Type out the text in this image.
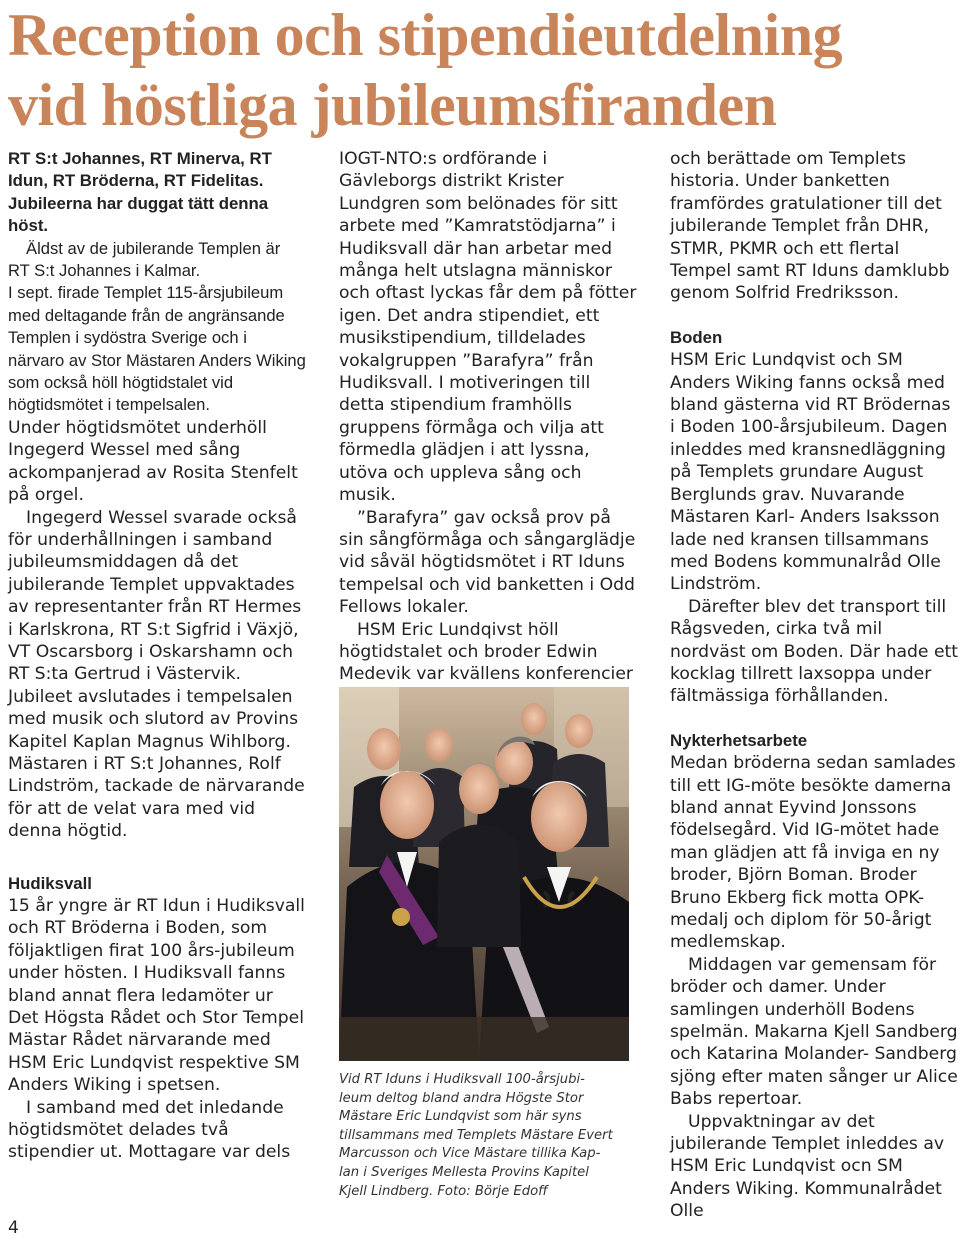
Reception och stipendieutdelning
vid höstliga jubileumsfiranden

RT S:t Johannes, RT Minerva, RT Idun, RT Bröderna, RT Fidelitas. Jubileerna har duggat tätt denna höst.

Äldst av de jubilerande Templen är RT S:t Johannes i Kalmar.

I sept. firade Templet 115-årsjubileum med deltagande från de angränsande Templen i sydöstra Sverige och i närvaro av Stor Mästaren Anders Wiking som också höll högtidstalet vid högtidsmötet i tempelsalen.

Under högtidsmötet underhöll Ingegerd Wessel med sång ackompanjerad av Rosita Stenfelt på orgel.

Ingegerd Wessel svarade också för underhållningen i samband jubileumsmiddagen då det jubilerande Templet uppvaktades av representanter från RT Hermes i Karlskrona, RT S:t Sigfrid i Växjö, VT Oscarsborg i Oskarshamn och RT S:ta Gertrud i Västervik. Jubileet avslutades i tempelsalen med musik och slutord av Provins Kapitel Kaplan Magnus Wihlborg. Mästaren i RT S:t Johannes, Rolf Lindström, tackade de närvarande för att de velat vara med vid denna högtid.

Hudiksvall

15 år yngre är RT Idun i Hudiksvall och RT Bröderna i Boden, som följaktligen firat 100 års-jubileum under hösten. I Hudiksvall fanns bland annat flera ledamöter ur Det Högsta Rådet och Stor Tempel Mästar Rådet närvarande med HSM Eric Lundqvist respektive SM Anders Wiking i spetsen.

I samband med det inledande högtidsmötet delades två stipendier ut. Mottagare var dels

IOGT-NTO:s ordförande i Gävleborgs distrikt Krister Lundgren som belönades för sitt arbete med ”Kamratstödjarna” i Hudiksvall där han arbetar med många helt utslagna människor och oftast lyckas får dem på fötter igen. Det andra stipendiet, ett musikstipendium, tilldelades vokalgruppen ”Barafyra” från Hudiksvall. I motiveringen till detta stipendium framhölls gruppens förmåga och vilja att förmedla glädjen i att lyssna, utöva och uppleva sång och musik.

”Barafyra” gav också prov på sin sångförmåga och sångarglädje vid såväl högtidsmötet i RT Iduns tempelsal och vid banketten i Odd Fellows lokaler.

HSM Eric Lundqivst höll högtidstalet och broder Edwin Medevik var kvällens konferencier

Vid RT Iduns i Hudiksvall 100-årsjubi-

leum deltog bland andra Högste Stor

Mästare Eric Lundqvist som här syns

tillsammans med Templets Mästare Evert

Marcusson och Vice Mästare tillika Kap-

lan i Sveriges Mellesta Provins Kapitel

Kjell Lindberg. Foto: Börje Edoff

och berättade om Templets historia. Under banketten framfördes gratulationer till det jubilerande Templet från DHR, STMR, PKMR och ett flertal Tempel samt RT Iduns damklubb genom Solfrid Fredriksson.

Boden

HSM Eric Lundqvist och SM Anders Wiking fanns också med bland gästerna vid RT Brödernas i Boden 100-årsjubileum. Dagen inleddes med kransnedläggning på Templets grundare August Berglunds grav. Nuvarande Mästaren Karl- Anders Isaksson lade ned kransen tillsammans med Bodens kommunalråd Olle Lindström.

Därefter blev det transport till Rågsveden, cirka två mil nordväst om Boden. Där hade ett kocklag tillrett laxsoppa under fältmässiga förhållanden.

Nykterhetsarbete

Medan bröderna sedan samlades till ett IG-möte besökte damerna bland annat Eyvind Jonssons födelsegård. Vid IG-mötet hade man glädjen att få inviga en ny broder, Björn Boman. Broder Bruno Ekberg fick motta OPK-medalj och diplom för 50-årigt medlemskap.

Middagen var gemensam för bröder och damer. Under samlingen underhöll Bodens spelmän. Makarna Kjell Sandberg och Katarina Molander- Sandberg sjöng efter maten sånger ur Alice Babs repertoar.

Uppvaktningar av det jubilerande Templet inleddes av HSM Eric Lundqvist ocn SM Anders Wiking. Kommunalrådet Olle

4
